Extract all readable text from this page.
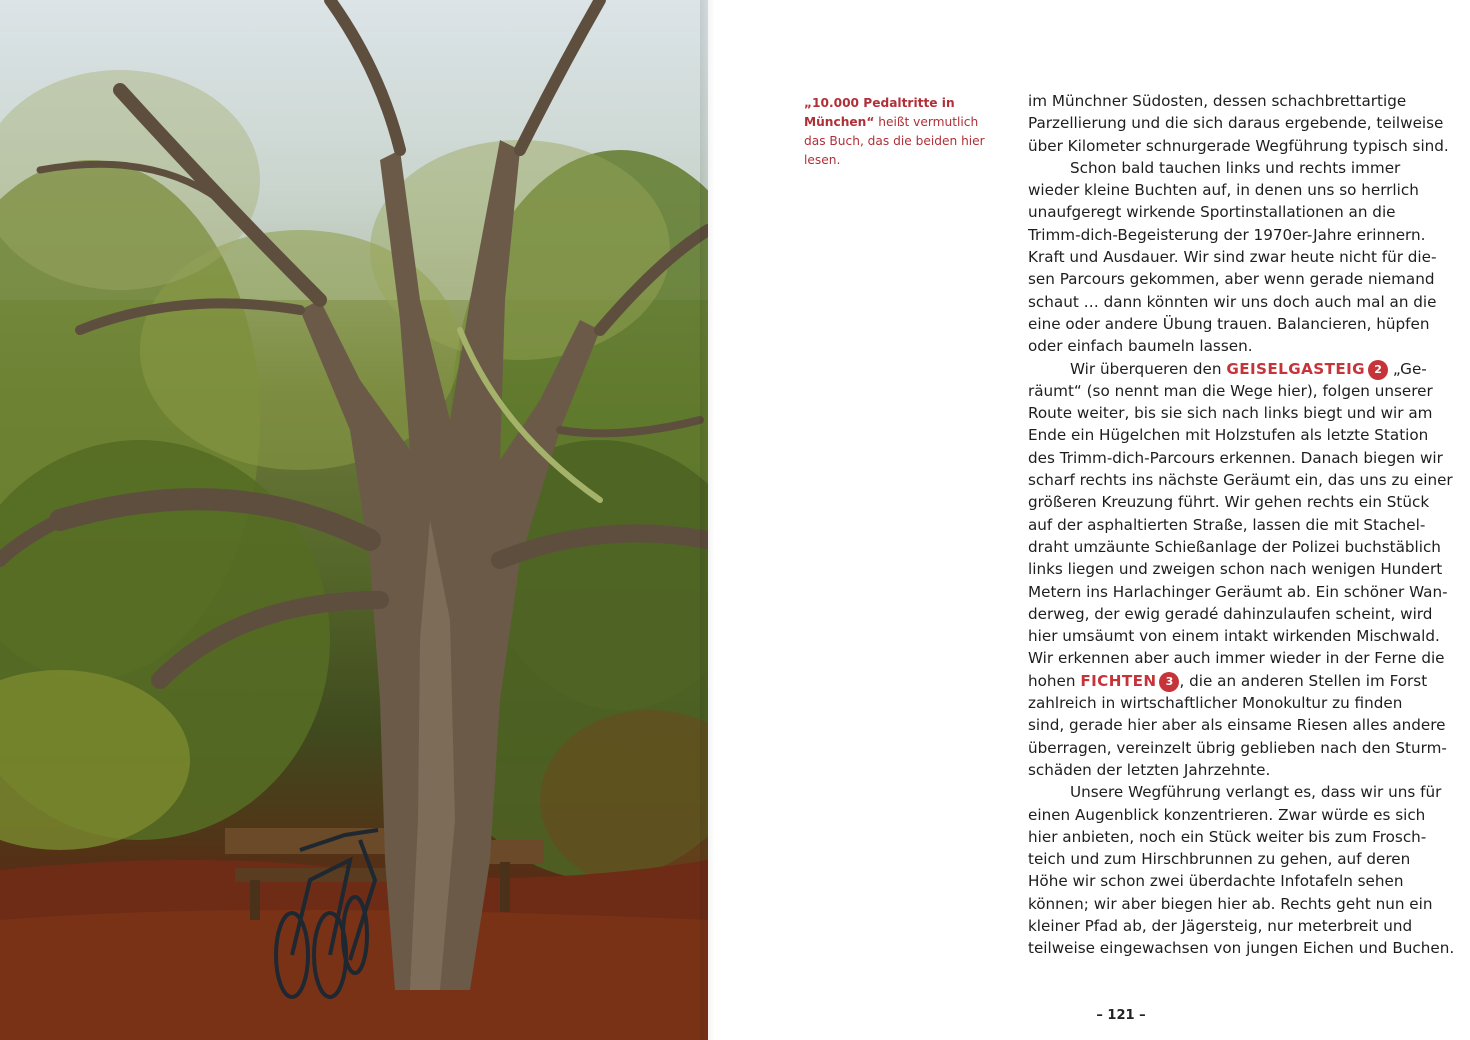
„10.000 Pedaltritte in München“ heißt vermutlich das Buch, das die beiden hier lesen.
im Münchner Südosten, dessen schachbrettartige
Parzellierung und die sich daraus ergebende, teilweise
über Kilometer schnurgerade Wegführung typisch sind.
Schon bald tauchen links und rechts immer
wieder kleine Buchten auf, in denen uns so herrlich
unaufgeregt wirkende Sportinstallationen an die
Trimm-dich-Begeisterung der 1970er-Jahre erinnern.
Kraft und Ausdauer. Wir sind zwar heute nicht für die-
sen Parcours gekommen, aber wenn gerade niemand
schaut … dann könnten wir uns doch auch mal an die
eine oder andere Übung trauen. Balancieren, hüpfen
oder einfach baumeln lassen.
Wir überqueren den GEISELGASTEIG 2 „Ge-
räumt“ (so nennt man die Wege hier), folgen unserer
Route weiter, bis sie sich nach links biegt und wir am
Ende ein Hügelchen mit Holzstufen als letzte Station
des Trimm-dich-Parcours erkennen. Danach biegen wir
scharf rechts ins nächste Geräumt ein, das uns zu einer
größeren Kreuzung führt. Wir gehen rechts ein Stück
auf der asphaltierten Straße, lassen die mit Stachel-
draht umzäunte Schießanlage der Polizei buchstäblich
links liegen und zweigen schon nach wenigen Hundert
Metern ins Harlachinger Geräumt ab. Ein schöner Wan-
derweg, der ewig geradé dahinzulaufen scheint, wird
hier umsäumt von einem intakt wirkenden Mischwald.
Wir erkennen aber auch immer wieder in der Ferne die
hohen FICHTEN 3 , die an anderen Stellen im Forst
zahlreich in wirtschaftlicher Monokultur zu finden
sind, gerade hier aber als einsame Riesen alles andere
überragen, vereinzelt übrig geblieben nach den Sturm-
schäden der letzten Jahrzehnte.
Unsere Wegführung verlangt es, dass wir uns für
einen Augenblick konzentrieren. Zwar würde es sich
hier anbieten, noch ein Stück weiter bis zum Frosch-
teich und zum Hirschbrunnen zu gehen, auf deren
Höhe wir schon zwei überdachte Infotafeln sehen
können; wir aber biegen hier ab. Rechts geht nun ein
kleiner Pfad ab, der Jägersteig, nur meterbreit und
teilweise eingewachsen von jungen Eichen und Buchen.
– 121 –
